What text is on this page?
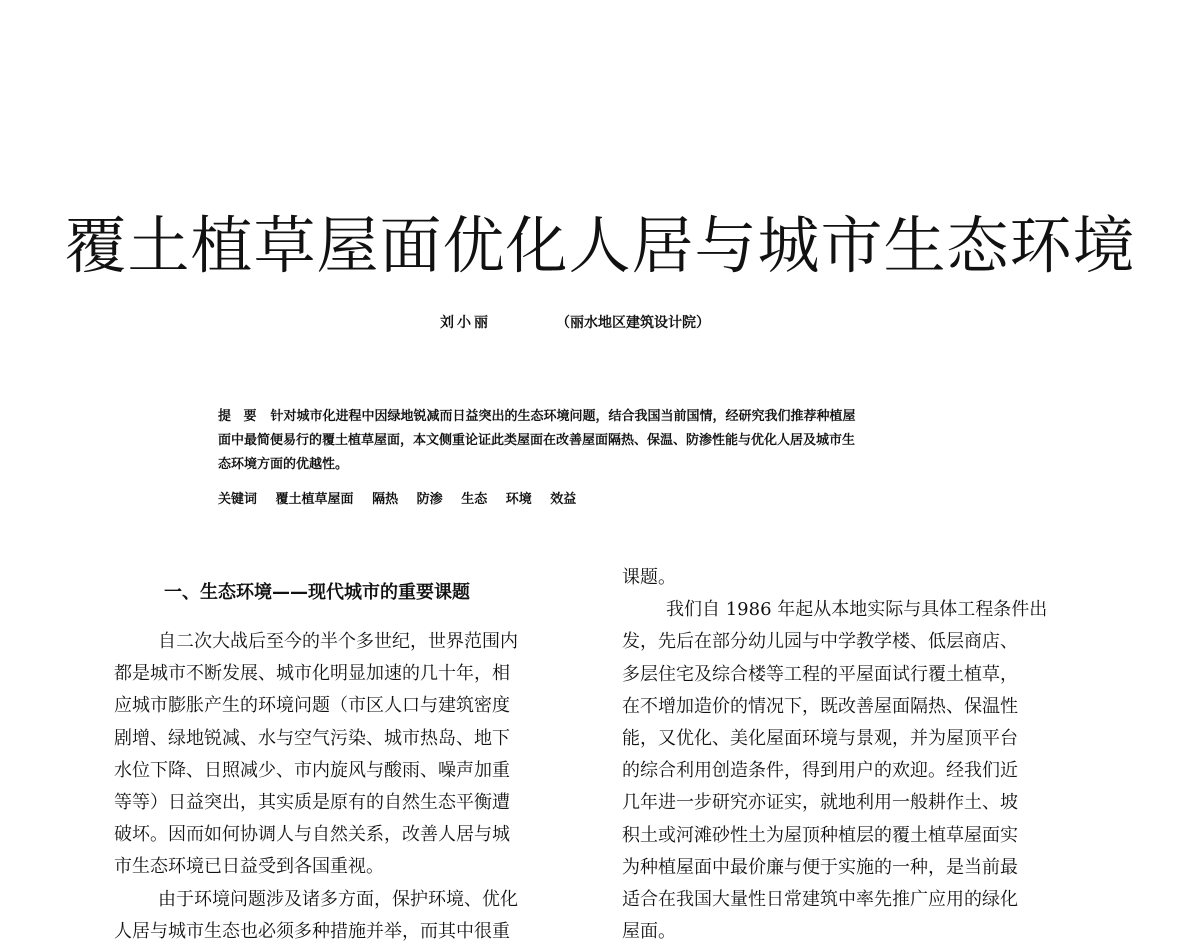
覆土植草屋面优化人居与城市生态环境
刘小丽	（丽水地区建筑设计院）
提 要 针对城市化进程中因绿地锐减而日益突出的生态环境问题，结合我国当前国情，经研究我们推荐种植屋
面中最简便易行的覆土植草屋面，本文侧重论证此类屋面在改善屋面隔热、保温、防渗性能与优化人居及城市生
态环境方面的优越性。
关键词 覆土植草屋面 隔热 防渗 生态 环境 效益
一、生态环境——现代城市的重要课题
自二次大战后至今的半个多世纪，世界范围内
都是城市不断发展、城市化明显加速的几十年，相
应城市膨胀产生的环境问题（市区人口与建筑密度
剧增、绿地锐减、水与空气污染、城市热岛、地下
水位下降、日照减少、市内旋风与酸雨、噪声加重
等等）日益突出，其实质是原有的自然生态平衡遭
破坏。因而如何协调人与自然关系，改善人居与城
市生态环境已日益受到各国重视。
由于环境问题涉及诸多方面，保护环境、优化
人居与城市生态也必须多种措施并举，而其中很重
课题。
我们自 1986 年起从本地实际与具体工程条件出
发，先后在部分幼儿园与中学教学楼、低层商店、
多层住宅及综合楼等工程的平屋面试行覆土植草，
在不增加造价的情况下，既改善屋面隔热、保温性
能，又优化、美化屋面环境与景观，并为屋顶平台
的综合利用创造条件，得到用户的欢迎。经我们近
几年进一步研究亦证实，就地利用一般耕作土、坡
积土或河滩砂性土为屋顶种植层的覆土植草屋面实
为种植屋面中最价廉与便于实施的一种，是当前最
适合在我国大量性日常建筑中率先推广应用的绿化
屋面。
